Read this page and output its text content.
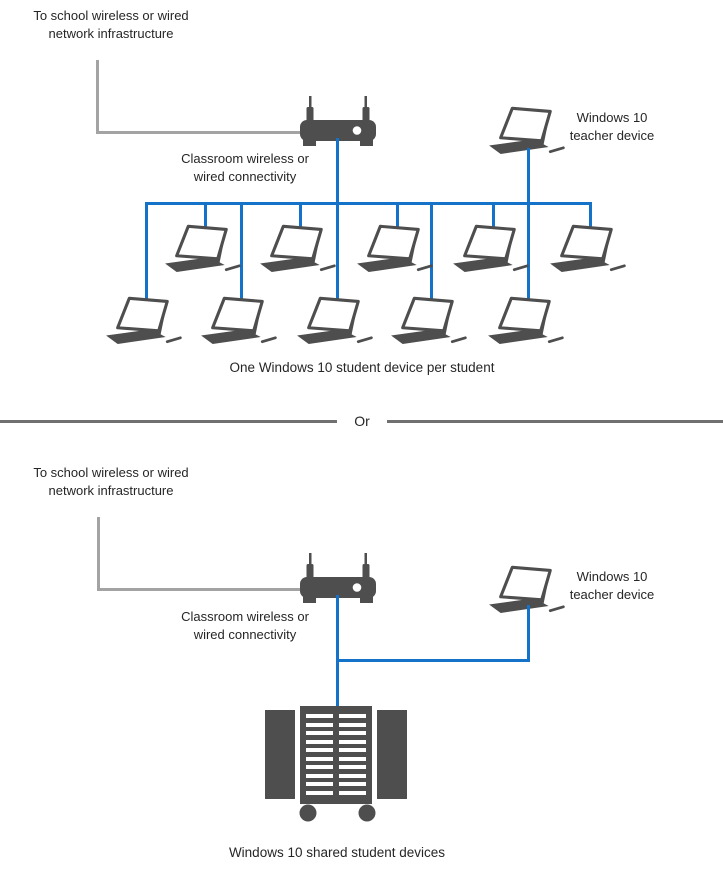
To school wireless or wired network infrastructure
Classroom wireless or wired connectivity
Windows 10 teacher device
One Windows 10 student device per student
Or
To school wireless or wired network infrastructure
Classroom wireless or wired connectivity
Windows 10 teacher device
Windows 10 shared student devices
